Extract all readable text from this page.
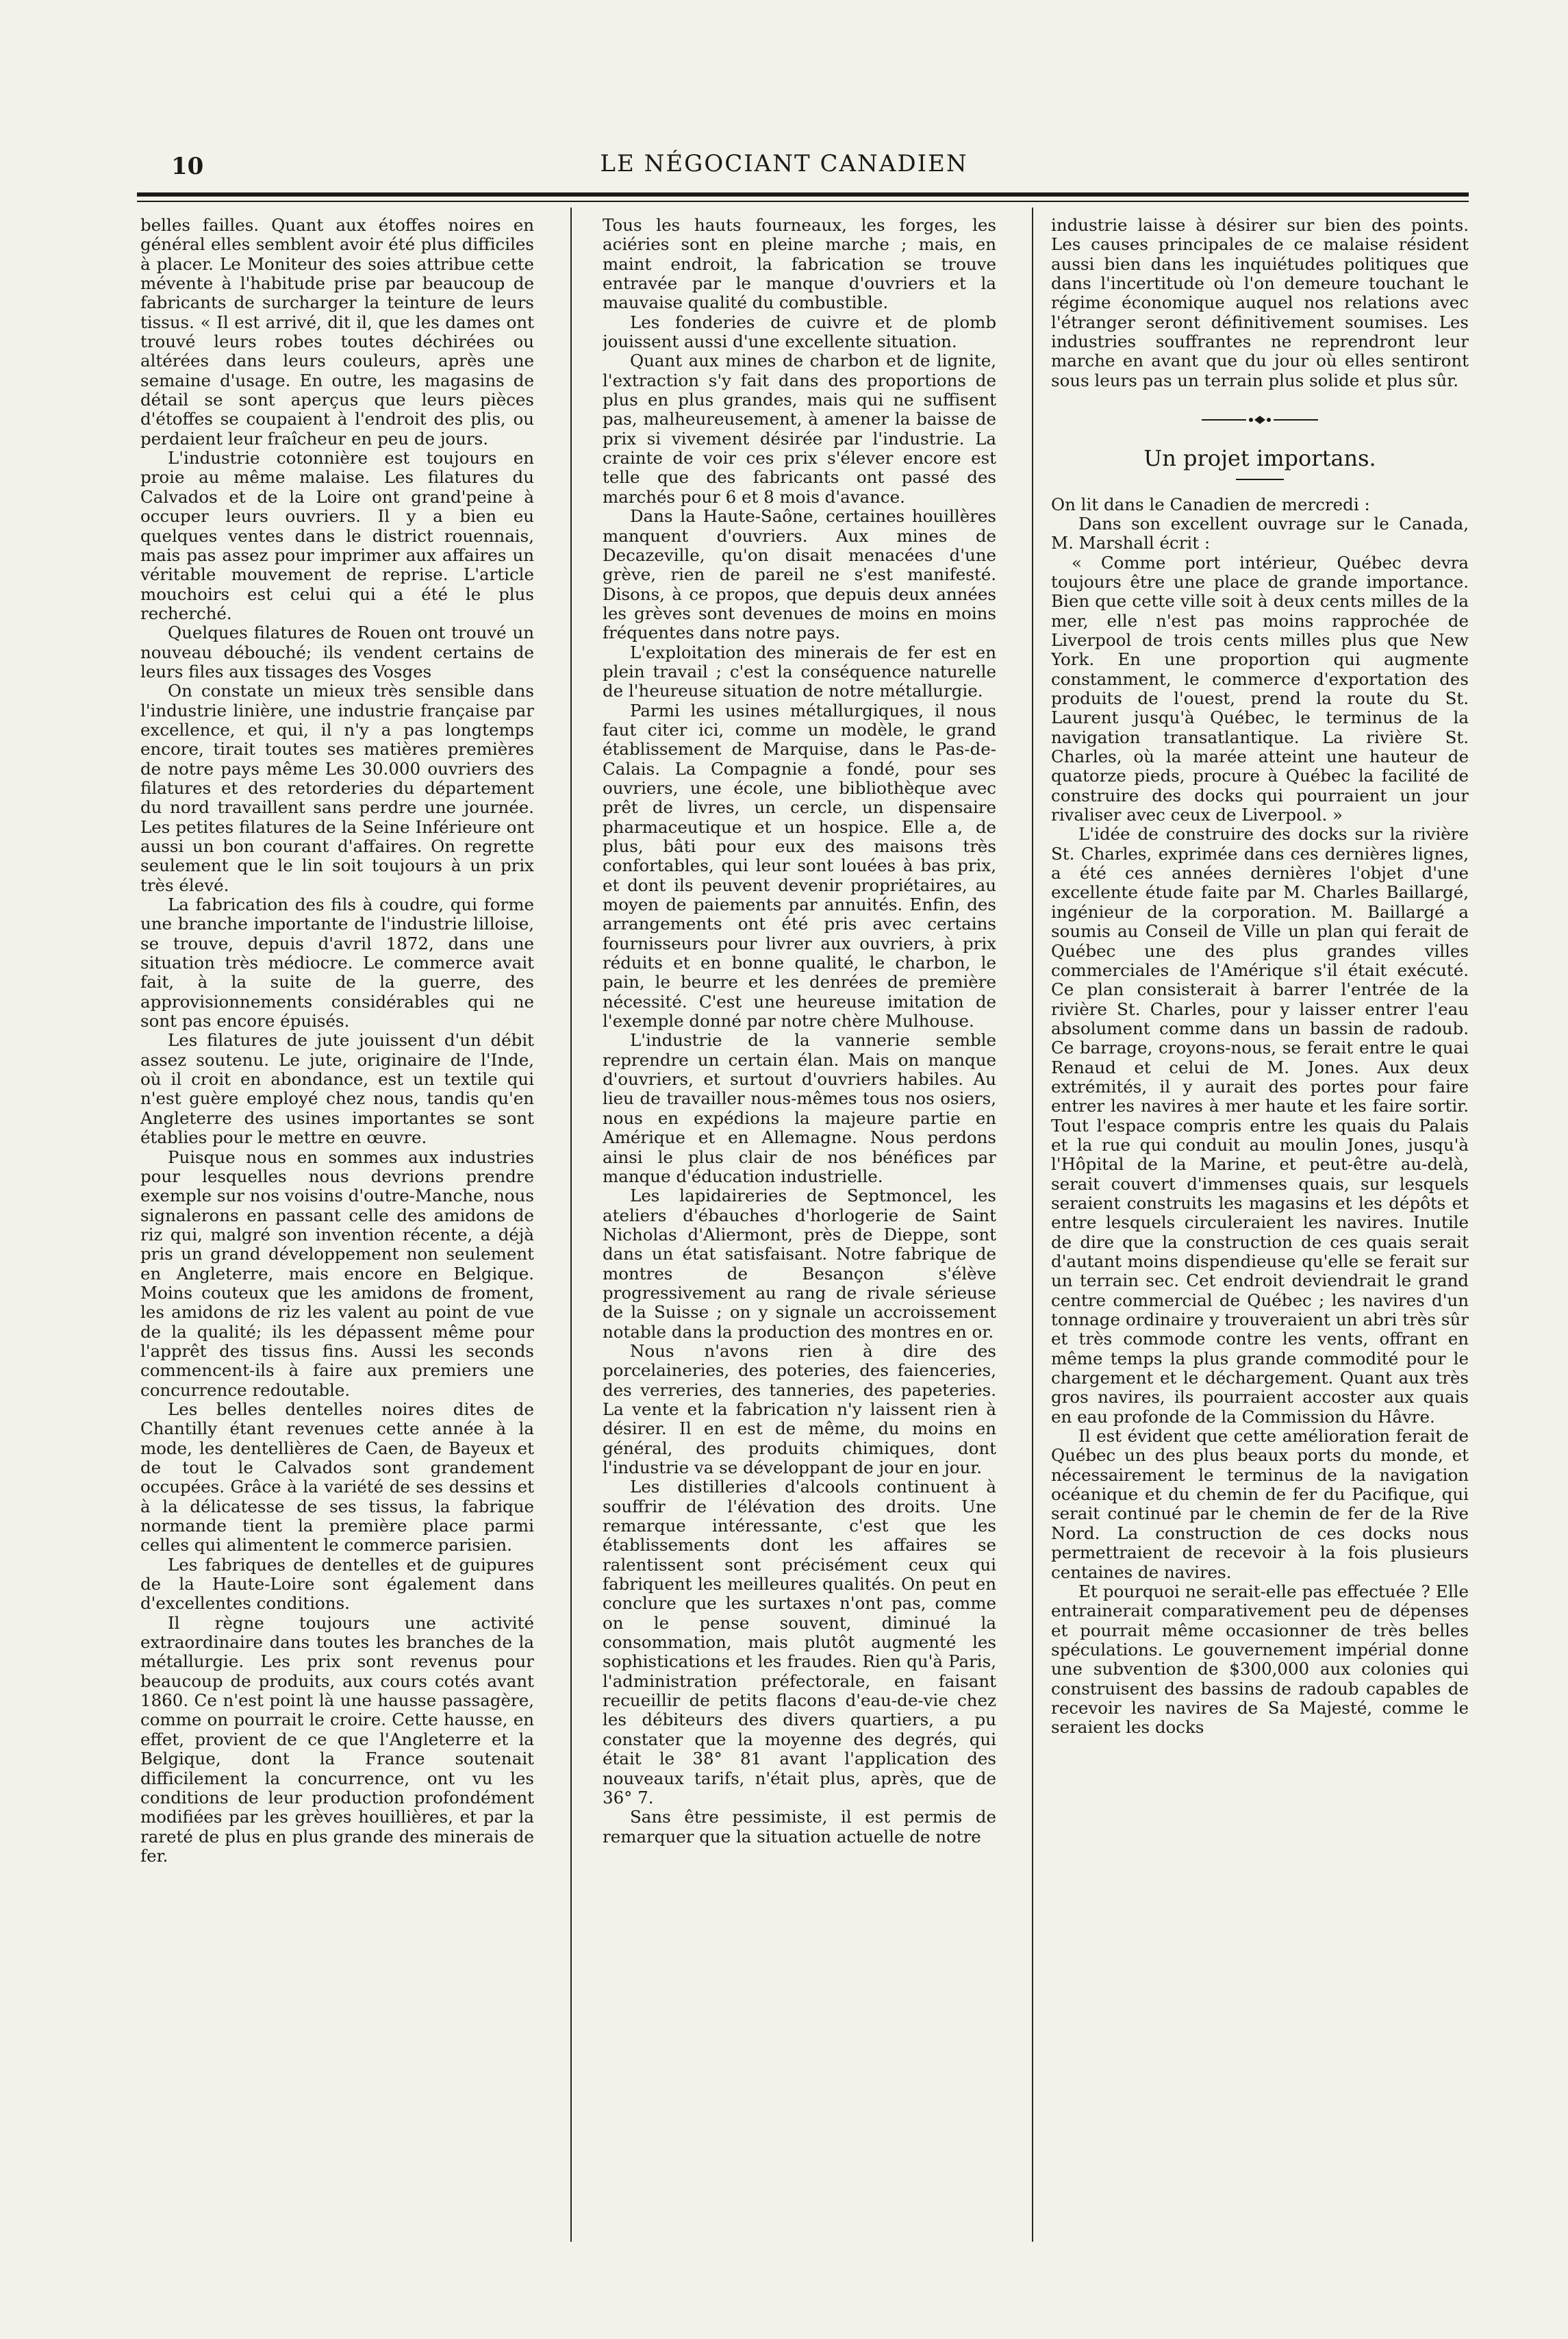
10	LE NÉGOCIANT CANADIEN

belles failles. Quant aux étoffes noires en général elles semblent avoir été plus difficiles à placer. Le Moniteur des soies attribue cette mévente à l'habitude prise par beaucoup de fabricants de surcharger la teinture de leurs tissus. « Il est arrivé, dit il, que les dames ont trouvé leurs robes toutes déchirées ou altérées dans leurs couleurs, après une semaine d'usage. En outre, les magasins de détail se sont aperçus que leurs pièces d'étoffes se coupaient à l'endroit des plis, ou perdaient leur fraîcheur en peu de jours.

L'industrie cotonnière est toujours en proie au même malaise. Les filatures du Calvados et de la Loire ont grand'peine à occuper leurs ouvriers. Il y a bien eu quelques ventes dans le district rouennais, mais pas assez pour imprimer aux affaires un véritable mouvement de reprise. L'article mouchoirs est celui qui a été le plus recherché.

Quelques filatures de Rouen ont trouvé un nouveau débouché; ils vendent certains de leurs files aux tissages des Vosges

On constate un mieux très sensible dans l'industrie linière, une industrie française par excellence, et qui, il n'y a pas longtemps encore, tirait toutes ses matières premières de notre pays même Les 30.000 ouvriers des filatures et des retorderies du département du nord travaillent sans perdre une journée. Les petites filatures de la Seine Inférieure ont aussi un bon courant d'affaires. On regrette seulement que le lin soit toujours à un prix très élevé.

La fabrication des fils à coudre, qui forme une branche importante de l'industrie lilloise, se trouve, depuis d'avril 1872, dans une situation très médiocre. Le commerce avait fait, à la suite de la guerre, des approvisionnements considérables qui ne sont pas encore épuisés.

Les filatures de jute jouissent d'un débit assez soutenu. Le jute, originaire de l'Inde, où il croit en abondance, est un textile qui n'est guère employé chez nous, tandis qu'en Angleterre des usines importantes se sont établies pour le mettre en œuvre.

Puisque nous en sommes aux industries pour lesquelles nous devrions prendre exemple sur nos voisins d'outre-Manche, nous signalerons en passant celle des amidons de riz qui, malgré son invention récente, a déjà pris un grand développement non seulement en Angleterre, mais encore en Belgique. Moins couteux que les amidons de froment, les amidons de riz les valent au point de vue de la qualité; ils les dépassent même pour l'apprêt des tissus fins. Aussi les seconds commencent-ils à faire aux premiers une concurrence redoutable.

Les belles dentelles noires dites de Chantilly étant revenues cette année à la mode, les dentellières de Caen, de Bayeux et de tout le Calvados sont grandement occupées. Grâce à la variété de ses dessins et à la délicatesse de ses tissus, la fabrique normande tient la première place parmi celles qui alimentent le commerce parisien.

Les fabriques de dentelles et de guipures de la Haute-Loire sont également dans d'excellentes conditions.

Il règne toujours une activité extraordinaire dans toutes les branches de la métallurgie. Les prix sont revenus pour beaucoup de produits, aux cours cotés avant 1860. Ce n'est point là une hausse passagère, comme on pourrait le croire. Cette hausse, en effet, provient de ce que l'Angleterre et la Belgique, dont la France soutenait difficilement la concurrence, ont vu les conditions de leur production profondément modifiées par les grèves houillières, et par la rareté de plus en plus grande des minerais de fer.

Tous les hauts fourneaux, les forges, les aciéries sont en pleine marche ; mais, en maint endroit, la fabrication se trouve entravée par le manque d'ouvriers et la mauvaise qualité du combustible.

Les fonderies de cuivre et de plomb jouissent aussi d'une excellente situation.

Quant aux mines de charbon et de lignite, l'extraction s'y fait dans des proportions de plus en plus grandes, mais qui ne suffisent pas, malheureusement, à amener la baisse de prix si vivement désirée par l'industrie. La crainte de voir ces prix s'élever encore est telle que des fabricants ont passé des marchés pour 6 et 8 mois d'avance.

Dans la Haute-Saône, certaines houillères manquent d'ouvriers. Aux mines de Decazeville, qu'on disait menacées d'une grève, rien de pareil ne s'est manifesté. Disons, à ce propos, que depuis deux années les grèves sont devenues de moins en moins fréquentes dans notre pays.

L'exploitation des minerais de fer est en plein travail ; c'est la conséquence naturelle de l'heureuse situation de notre métallurgie.

Parmi les usines métallurgiques, il nous faut citer ici, comme un modèle, le grand établissement de Marquise, dans le Pas-de-Calais. La Compagnie a fondé, pour ses ouvriers, une école, une bibliothèque avec prêt de livres, un cercle, un dispensaire pharmaceutique et un hospice. Elle a, de plus, bâti pour eux des maisons très confortables, qui leur sont louées à bas prix, et dont ils peuvent devenir propriétaires, au moyen de paiements par annuités. Enfin, des arrangements ont été pris avec certains fournisseurs pour livrer aux ouvriers, à prix réduits et en bonne qualité, le charbon, le pain, le beurre et les denrées de première nécessité. C'est une heureuse imitation de l'exemple donné par notre chère Mulhouse.

L'industrie de la vannerie semble reprendre un certain élan. Mais on manque d'ouvriers, et surtout d'ouvriers habiles. Au lieu de travailler nous-mêmes tous nos osiers, nous en expédions la majeure partie en Amérique et en Allemagne. Nous perdons ainsi le plus clair de nos bénéfices par manque d'éducation industrielle.

Les lapidaireries de Septmoncel, les ateliers d'ébauches d'horlogerie de Saint Nicholas d'Aliermont, près de Dieppe, sont dans un état satisfaisant. Notre fabrique de montres de Besançon s'élève progressivement au rang de rivale sérieuse de la Suisse ; on y signale un accroissement notable dans la production des montres en or.

Nous n'avons rien à dire des porcelaineries, des poteries, des faienceries, des verreries, des tanneries, des papeteries. La vente et la fabrication n'y laissent rien à désirer. Il en est de même, du moins en général, des produits chimiques, dont l'industrie va se développant de jour en jour.

Les distilleries d'alcools continuent à souffrir de l'élévation des droits. Une remarque intéressante, c'est que les établissements dont les affaires se ralentissent sont précisément ceux qui fabriquent les meilleures qualités. On peut en conclure que les surtaxes n'ont pas, comme on le pense souvent, diminué la consommation, mais plutôt augmenté les sophistications et les fraudes. Rien qu'à Paris, l'administration préfectorale, en faisant recueillir de petits flacons d'eau-de-vie chez les débiteurs des divers quartiers, a pu constater que la moyenne des degrés, qui était le 38° 81 avant l'application des nouveaux tarifs, n'était plus, après, que de 36° 7.

Sans être pessimiste, il est permis de remarquer que la situation actuelle de notre

industrie laisse à désirer sur bien des points. Les causes principales de ce malaise résident aussi bien dans les inquiétudes politiques que dans l'incertitude où l'on demeure touchant le régime économique auquel nos relations avec l'étranger seront définitivement soumises. Les industries souffrantes ne reprendront leur marche en avant que du jour où elles sentiront sous leurs pas un terrain plus solide et plus sûr.

Un projet importans.

On lit dans le Canadien de mercredi :

Dans son excellent ouvrage sur le Canada, M. Marshall écrit :

« Comme port intérieur, Québec devra toujours être une place de grande importance. Bien que cette ville soit à deux cents milles de la mer, elle n'est pas moins rapprochée de Liverpool de trois cents milles plus que New York. En une proportion qui augmente constamment, le commerce d'exportation des produits de l'ouest, prend la route du St. Laurent jusqu'à Québec, le terminus de la navigation transatlantique. La rivière St. Charles, où la marée atteint une hauteur de quatorze pieds, procure à Québec la facilité de construire des docks qui pourraient un jour rivaliser avec ceux de Liverpool. »

L'idée de construire des docks sur la rivière St. Charles, exprimée dans ces dernières lignes, a été ces années dernières l'objet d'une excellente étude faite par M. Charles Baillargé, ingénieur de la corporation. M. Baillargé a soumis au Conseil de Ville un plan qui ferait de Québec une des plus grandes villes commerciales de l'Amérique s'il était exécuté. Ce plan consisterait à barrer l'entrée de la rivière St. Charles, pour y laisser entrer l'eau absolument comme dans un bassin de radoub. Ce barrage, croyons-nous, se ferait entre le quai Renaud et celui de M. Jones. Aux deux extrémités, il y aurait des portes pour faire entrer les navires à mer haute et les faire sortir. Tout l'espace compris entre les quais du Palais et la rue qui conduit au moulin Jones, jusqu'à l'Hôpital de la Marine, et peut-être au-delà, serait couvert d'immenses quais, sur lesquels seraient construits les magasins et les dépôts et entre lesquels circuleraient les navires. Inutile de dire que la construction de ces quais serait d'autant moins dispendieuse qu'elle se ferait sur un terrain sec. Cet endroit deviendrait le grand centre commercial de Québec ; les navires d'un tonnage ordinaire y trouveraient un abri très sûr et très commode contre les vents, offrant en même temps la plus grande commodité pour le chargement et le déchargement. Quant aux très gros navires, ils pourraient accoster aux quais en eau profonde de la Commission du Hâvre.

Il est évident que cette amélioration ferait de Québec un des plus beaux ports du monde, et nécessairement le terminus de la navigation océanique et du chemin de fer du Pacifique, qui serait continué par le chemin de fer de la Rive Nord. La construction de ces docks nous permettraient de recevoir à la fois plusieurs centaines de navires.

Et pourquoi ne serait-elle pas effectuée ? Elle entrainerait comparativement peu de dépenses et pourrait même occasionner de très belles spéculations. Le gouvernement impérial donne une subvention de $300,000 aux colonies qui construisent des bassins de radoub capables de recevoir les navires de Sa Majesté, comme le seraient les docks
